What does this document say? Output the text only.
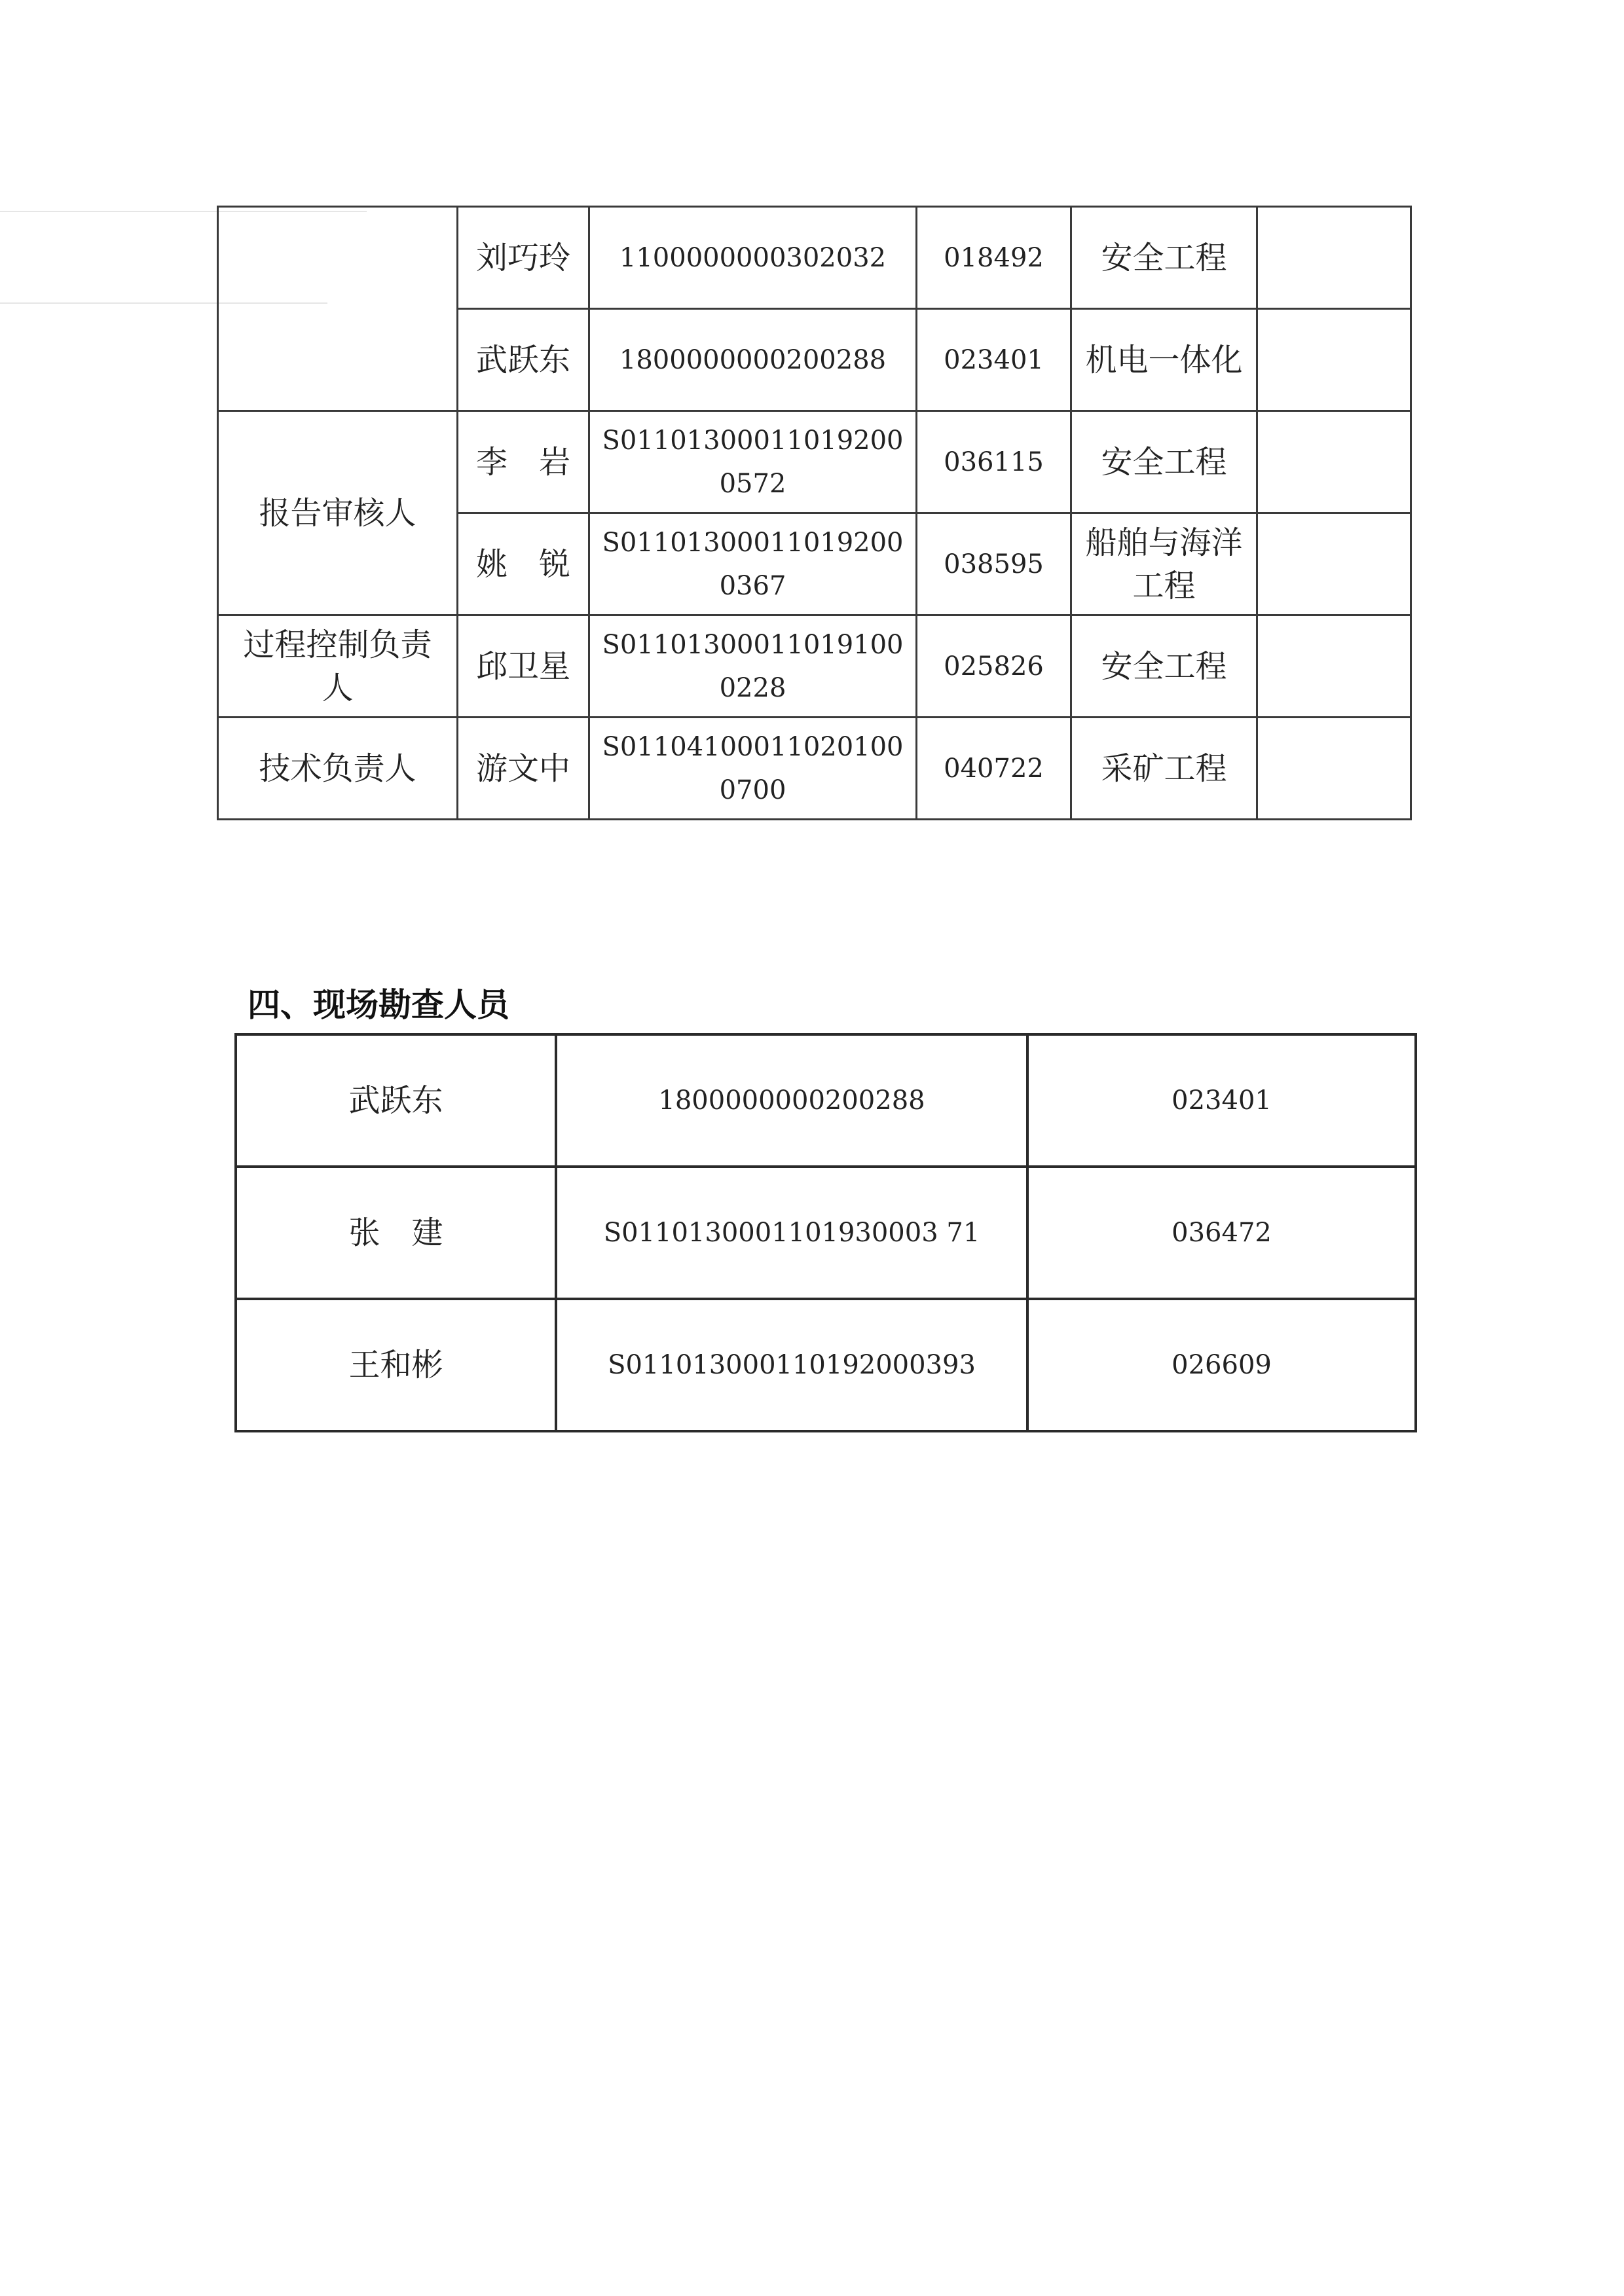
	刘巧玲	1100000000302032	018492	安全工程	
	武跃东	1800000000200288	023401	机电一体化	
报告审核人	李　岩	S011013000110192000572	036115	安全工程	
	姚　锐	S011013000110192000367	038595	船舶与海洋工程	
过程控制负责人	邱卫星	S011013000110191000228	025826	安全工程	
技术负责人	游文中	S011041000110201000700	040722	采矿工程	
四、现场勘查人员
武跃东	1800000000200288	023401
张　建	S0110130001101930003 71	036472
王和彬	S011013000110192000393	026609
